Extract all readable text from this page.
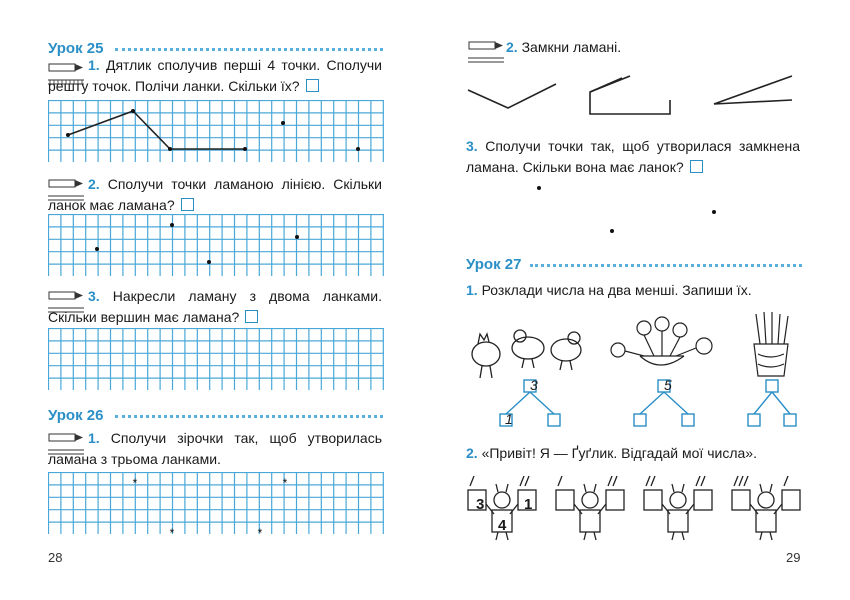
Урок 25
1. Дятлик сполучив перші 4 точки. Сполучи решту точок. Полічи ланки. Скільки їх?
2. Сполучи точки ламаною лінією. Скільки ланок має ламана?
3. Накресли ламану з двома ланками. Скільки вершин має ламана?
Урок 26
1. Сполучи зірочки так, щоб утворилась ламана з трьома ланками.
*	*
*	*
28
2. Замкни ламані.
3. Сполучи точки так, щоб утворилася замкнена ламана. Скільки вона має ланок?
Урок 27
1. Розклади числа на два менші. Запиши їх.
3
1
5
2. «Привіт! Я — Ґуґлик. Відгадай мої числа».
3	1
4
29
